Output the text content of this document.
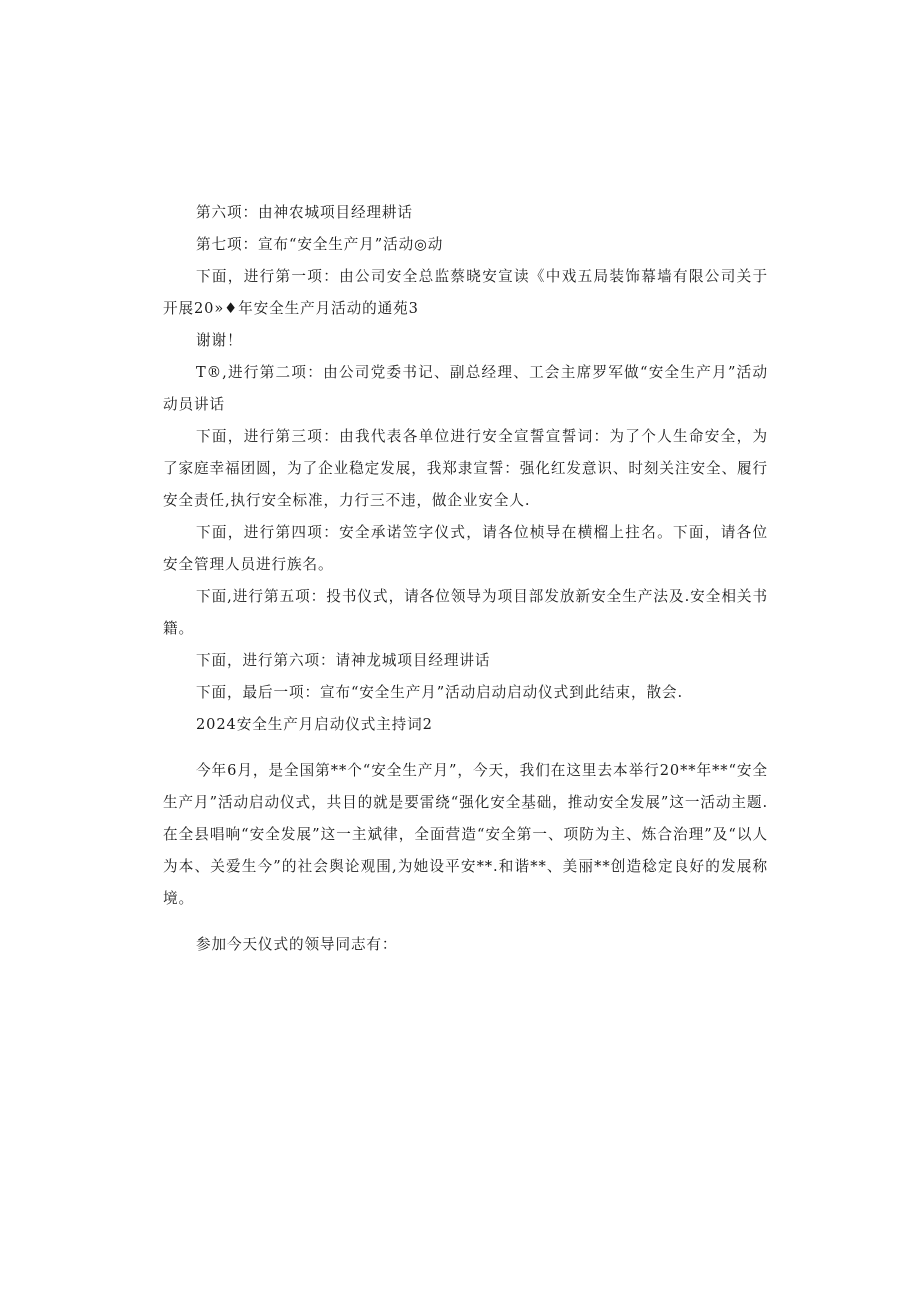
第六项：由神农城项目经理耕话

第七项：宣布“安全生产月”活动◎动

下面，进行第一项：由公司安全总监蔡晓安宣读《中戏五局装饰幕墙有限公司关于开展20»♦年安全生产月活动的通苑3

谢谢！

T®,进行第二项：由公司党委书记、副总经理、工会主席罗军做“安全生产月”活动动员讲话

下面，进行第三项：由我代表各单位进行安全宣誓宣誓词：为了个人生命安全，为了家庭幸福团圆，为了企业稳定发展，我郑隶宣誓：强化红发意识、时刻关注安全、履行安全责任,执行安全标准，力行三不违，做企业安全人.

下面，进行第四项：安全承诺笠字仪式，请各位桢导在横榴上拄名。下面，请各位安全管理人员进行族名。

下面,进行第五项：投书仪式，请各位领导为项目部发放新安全生产法及.安全相关书籍。

下面，进行第六项：请神龙城项目经理讲话

下面，最后一项：宣布“安全生产月”活动启动启动仪式到此结束，散会.

2024安全生产月启动仪式主持词2

今年6月，是全国第**个“安全生产月”，今天，我们在这里去本举行20**年**“安全生产月”活动启动仪式，共目的就是要雷绕“强化安全基础，推动安全发展”这一活动主题.在全县唱响“安全发展”这一主斌律，全面营造“安全第一、项防为主、炼合治理”及“以人为本、关爱生今”的社会舆论观围,为她设平安**.和谐**、美丽**创造稔定良好的发展称境。

参加今天仪式的领导同志有：
